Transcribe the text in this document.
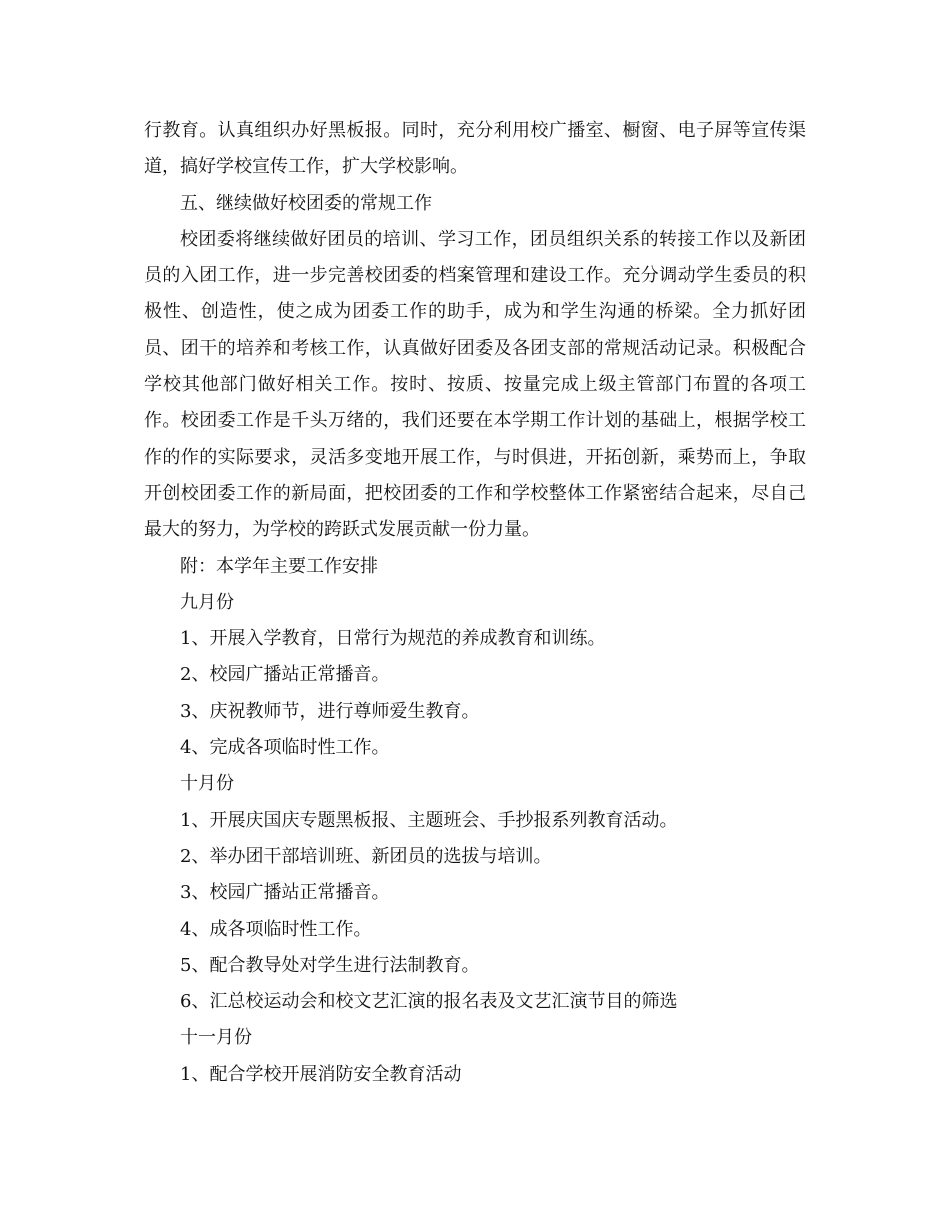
行教育。认真组织办好黑板报。同时，充分利用校广播室、橱窗、电子屏等宣传渠道，搞好学校宣传工作，扩大学校影响。

五、继续做好校团委的常规工作

校团委将继续做好团员的培训、学习工作，团员组织关系的转接工作以及新团员的入团工作，进一步完善校团委的档案管理和建设工作。充分调动学生委员的积极性、创造性，使之成为团委工作的助手，成为和学生沟通的桥梁。全力抓好团员、团干的培养和考核工作，认真做好团委及各团支部的常规活动记录。积极配合学校其他部门做好相关工作。按时、按质、按量完成上级主管部门布置的各项工作。校团委工作是千头万绪的，我们还要在本学期工作计划的基础上，根据学校工作的作的实际要求，灵活多变地开展工作，与时俱进，开拓创新，乘势而上，争取开创校团委工作的新局面，把校团委的工作和学校整体工作紧密结合起来，尽自己最大的努力，为学校的跨跃式发展贡献一份力量。

附：本学年主要工作安排

九月份

1、开展入学教育，日常行为规范的养成教育和训练。

2、校园广播站正常播音。

3、庆祝教师节，进行尊师爱生教育。

4、完成各项临时性工作。

十月份

1、开展庆国庆专题黑板报、主题班会、手抄报系列教育活动。

2、举办团干部培训班、新团员的选拔与培训。

3、校园广播站正常播音。

4、成各项临时性工作。

5、配合教导处对学生进行法制教育。

6、汇总校运动会和校文艺汇演的报名表及文艺汇演节目的筛选

十一月份

1、配合学校开展消防安全教育活动
